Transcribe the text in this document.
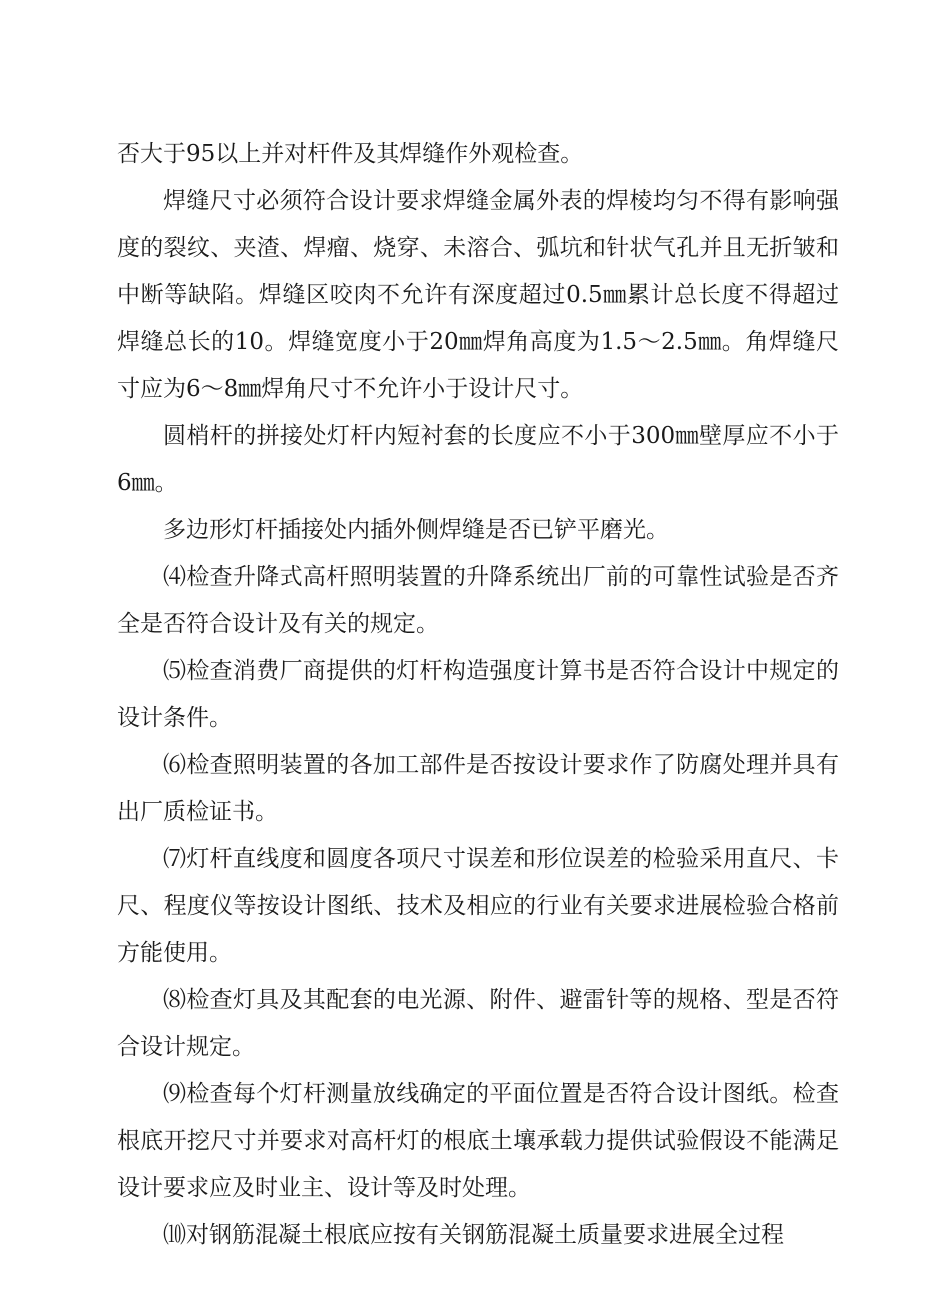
否大于95以上并对杆件及其焊缝作外观检查。

焊缝尺寸必须符合设计要求焊缝金属外表的焊棱均匀不得有影响强度的裂纹、夹渣、焊瘤、烧穿、未溶合、弧坑和针状气孔并且无折皱和中断等缺陷。焊缝区咬肉不允许有深度超过0.5㎜累计总长度不得超过焊缝总长的10。焊缝宽度小于20㎜焊角高度为1.5～2.5㎜。角焊缝尺寸应为6～8㎜焊角尺寸不允许小于设计尺寸。

圆梢杆的拼接处灯杆内短衬套的长度应不小于300㎜壁厚应不小于6㎜。

多边形灯杆插接处内插外侧焊缝是否已铲平磨光。

⑷检查升降式高杆照明装置的升降系统出厂前的可靠性试验是否齐全是否符合设计及有关的规定。

⑸检查消费厂商提供的灯杆构造强度计算书是否符合设计中规定的设计条件。

⑹检查照明装置的各加工部件是否按设计要求作了防腐处理并具有出厂质检证书。

⑺灯杆直线度和圆度各项尺寸误差和形位误差的检验采用直尺、卡尺、程度仪等按设计图纸、技术及相应的行业有关要求进展检验合格前方能使用。

⑻检查灯具及其配套的电光源、附件、避雷针等的规格、型是否符合设计规定。

⑼检查每个灯杆测量放线确定的平面位置是否符合设计图纸。检查根底开挖尺寸并要求对高杆灯的根底土壤承载力提供试验假设不能满足设计要求应及时业主、设计等及时处理。

⑽对钢筋混凝土根底应按有关钢筋混凝土质量要求进展全过程
